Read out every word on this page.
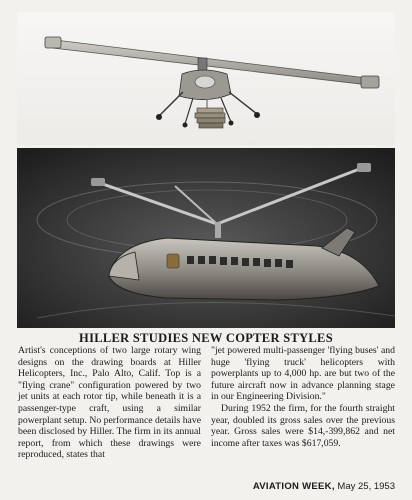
HILLER STUDIES NEW COPTER STYLES

Artist's conceptions of two large rotary wing designs on the drawing boards at Hiller Helicopters, Inc., Palo Alto, Calif. Top is a "flying crane" configuration powered by two jet units at each rotor tip, while beneath it is a passenger-type craft, using a similar powerplant setup. No performance details have been disclosed by Hiller. The firm in its annual report, from which these drawings were reproduced, states that

"jet powered multi-passenger 'flying buses' and huge 'flying truck' helicopters with powerplants up to 4,000 hp. are but two of the future aircraft now in advance planning stage in our Engineering Division."

During 1952 the firm, for the fourth straight year, doubled its gross sales over the previous year. Gross sales were $14,-399,862 and net income after taxes was $617,059.

AVIATION WEEK, May 25, 1953
